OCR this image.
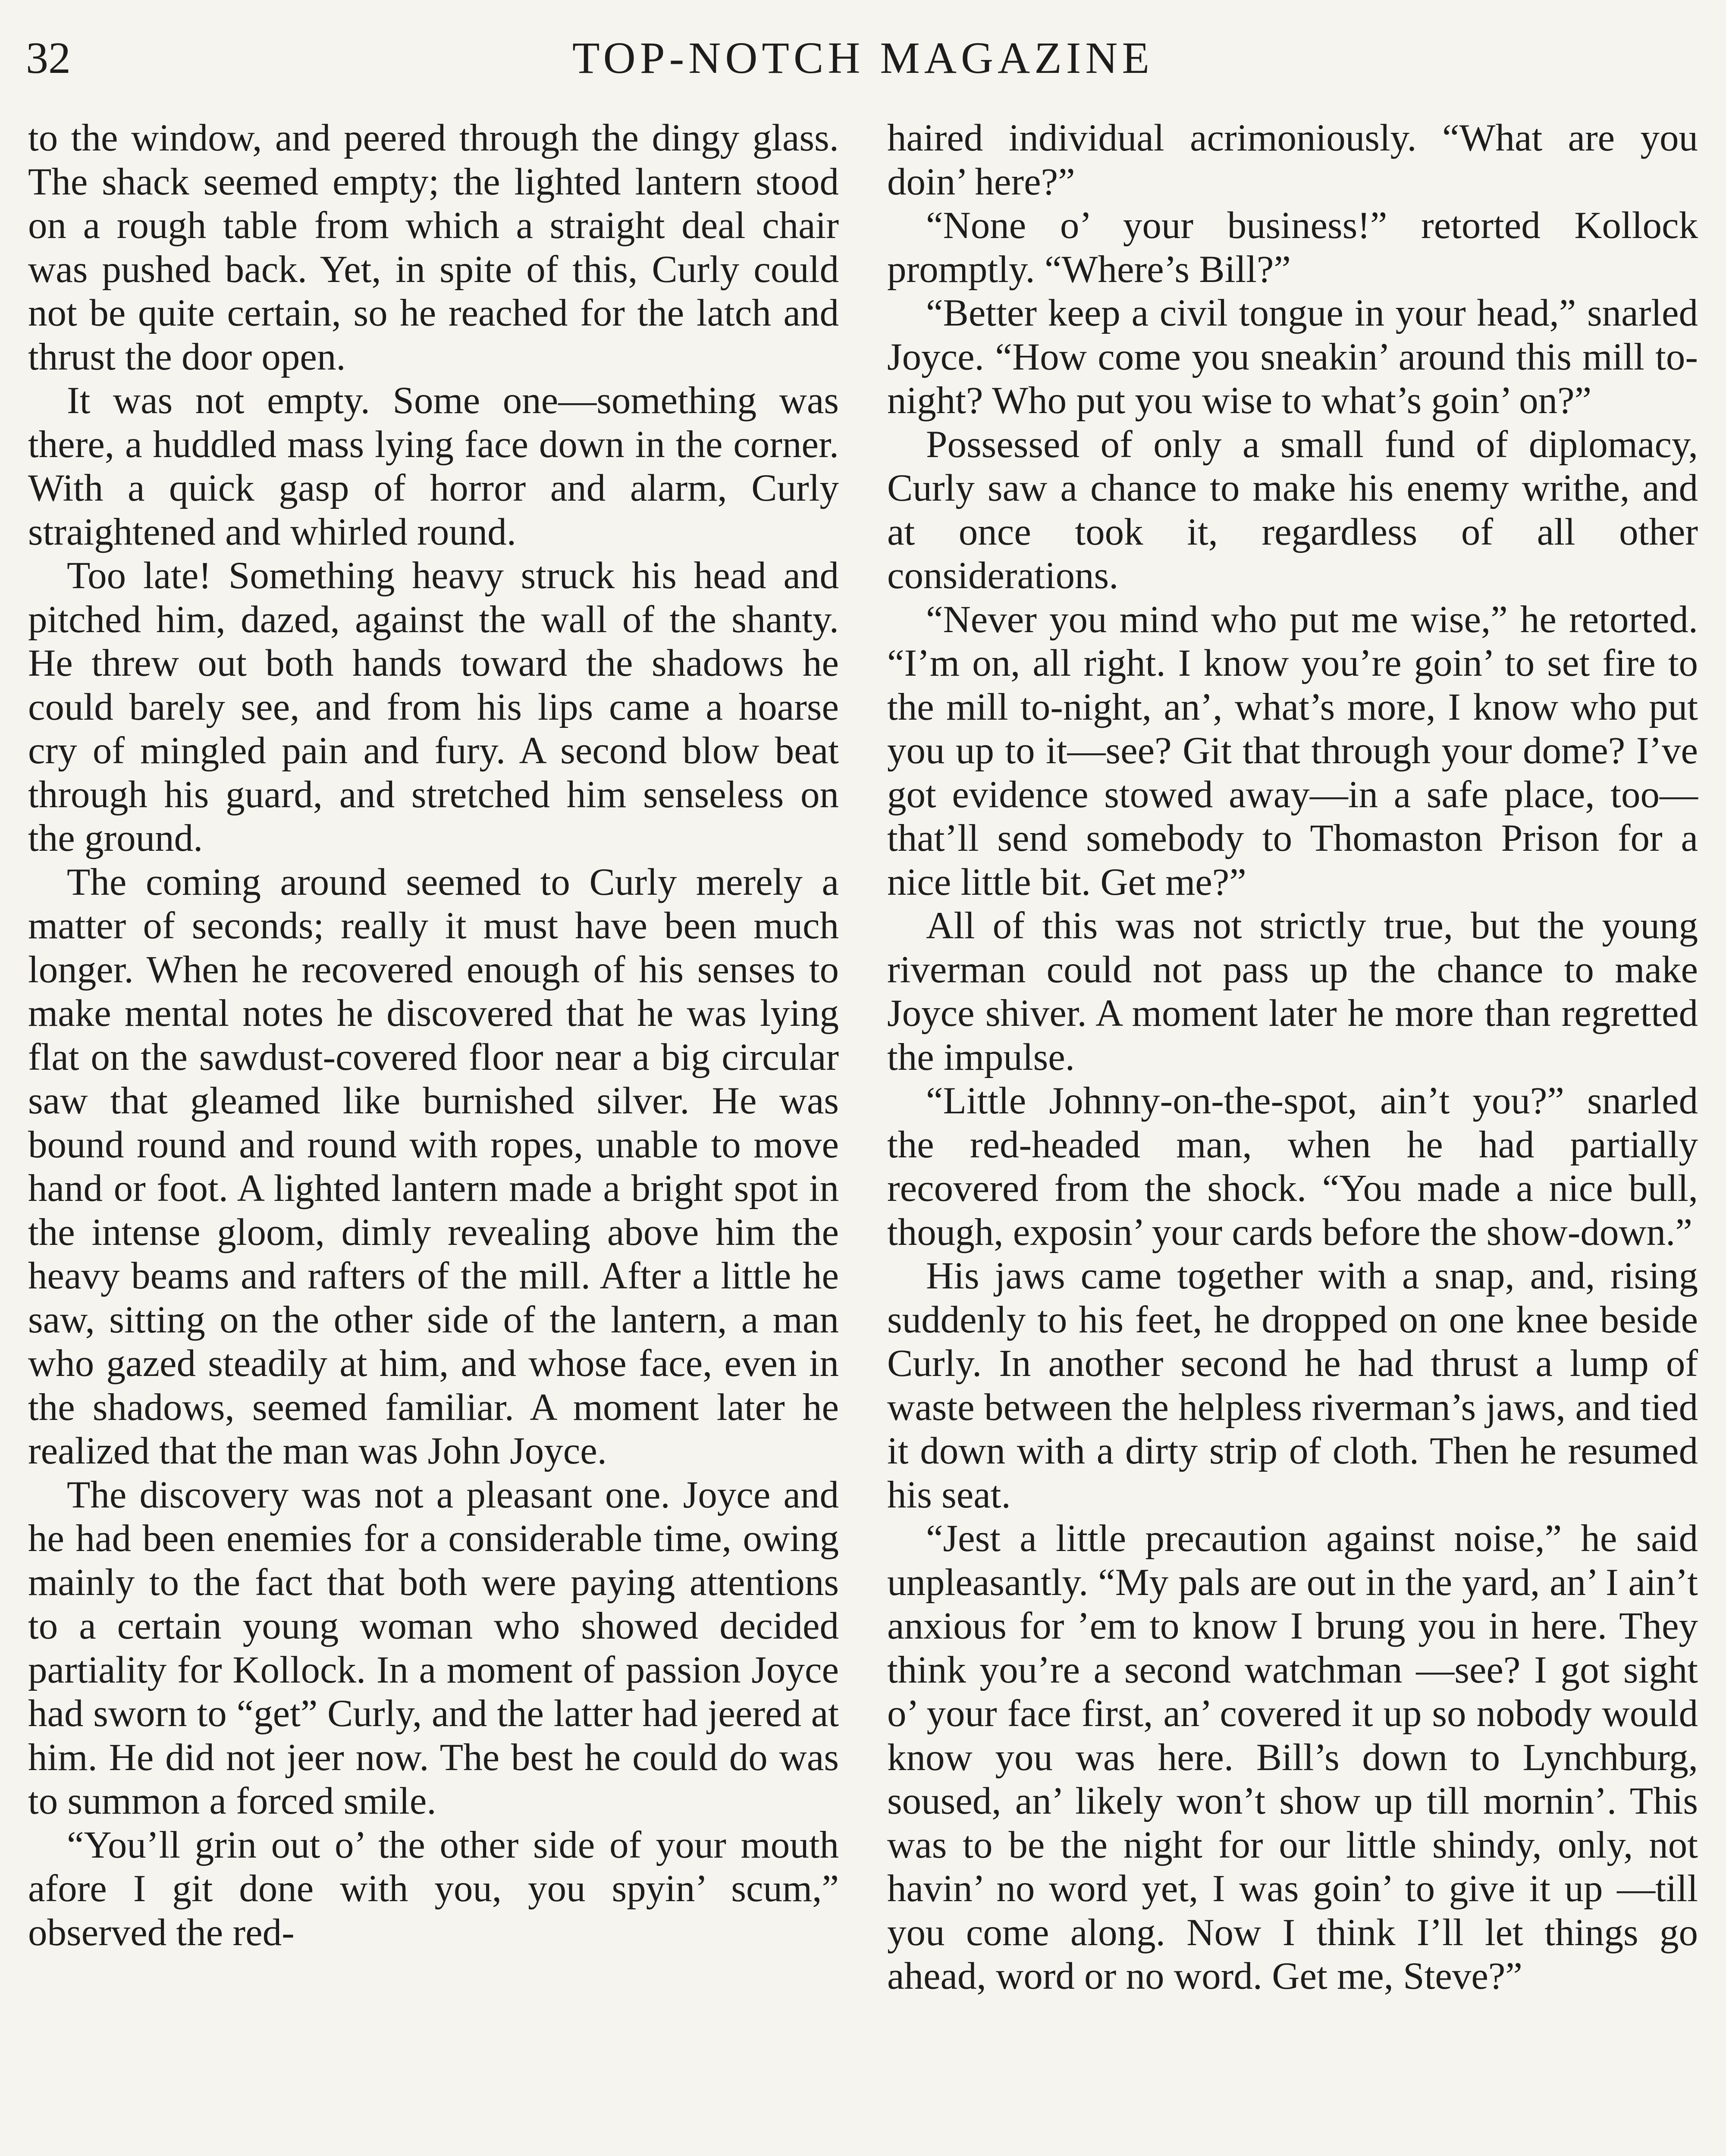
32	TOP-NOTCH MAGAZINE

to the window, and peered through the dingy glass. The shack seemed empty; the lighted lantern stood on a rough table from which a straight deal chair was pushed back. Yet, in spite of this, Curly could not be quite certain, so he reached for the latch and thrust the door open.

It was not empty. Some one—something was there, a huddled mass lying face down in the corner. With a quick gasp of horror and alarm, Curly straightened and whirled round.

Too late! Something heavy struck his head and pitched him, dazed, against the wall of the shanty. He threw out both hands toward the shadows he could barely see, and from his lips came a hoarse cry of mingled pain and fury. A second blow beat through his guard, and stretched him senseless on the ground.

The coming around seemed to Curly merely a matter of seconds; really it must have been much longer. When he recovered enough of his senses to make mental notes he discovered that he was lying flat on the sawdust-covered floor near a big circular saw that gleamed like burnished silver. He was bound round and round with ropes, unable to move hand or foot. A lighted lantern made a bright spot in the intense gloom, dimly revealing above him the heavy beams and rafters of the mill. After a little he saw, sitting on the other side of the lantern, a man who gazed steadily at him, and whose face, even in the shadows, seemed familiar. A moment later he realized that the man was John Joyce.

The discovery was not a pleasant one. Joyce and he had been enemies for a considerable time, owing mainly to the fact that both were paying attentions to a certain young woman who showed decided partiality for Kollock. In a moment of passion Joyce had sworn to “get” Curly, and the latter had jeered at him. He did not jeer now. The best he could do was to summon a forced smile.

“You’ll grin out o’ the other side of your mouth afore I git done with you, you spyin’ scum,” observed the red-

haired individual acrimoniously. “What are you doin’ here?”

“None o’ your business!” retorted Kollock promptly. “Where’s Bill?”

“Better keep a civil tongue in your head,” snarled Joyce. “How come you sneakin’ around this mill to-night? Who put you wise to what’s goin’ on?”

Possessed of only a small fund of diplomacy, Curly saw a chance to make his enemy writhe, and at once took it, regardless of all other considerations.

“Never you mind who put me wise,” he retorted. “I’m on, all right. I know you’re goin’ to set fire to the mill to-night, an’, what’s more, I know who put you up to it—see? Git that through your dome? I’ve got evidence stowed away—in a safe place, too—that’ll send somebody to Thomaston Prison for a nice little bit. Get me?”

All of this was not strictly true, but the young riverman could not pass up the chance to make Joyce shiver. A moment later he more than regretted the impulse.

“Little Johnny-on-the-spot, ain’t you?” snarled the red-headed man, when he had partially recovered from the shock. “You made a nice bull, though, exposin’ your cards before the show-down.”

His jaws came together with a snap, and, rising suddenly to his feet, he dropped on one knee beside Curly. In another second he had thrust a lump of waste between the helpless riverman’s jaws, and tied it down with a dirty strip of cloth. Then he resumed his seat.

“Jest a little precaution against noise,” he said unpleasantly. “My pals are out in the yard, an’ I ain’t anxious for ’em to know I brung you in here. They think you’re a second watchman —see? I got sight o’ your face first, an’ covered it up so nobody would know you was here. Bill’s down to Lynchburg, soused, an’ likely won’t show up till mornin’. This was to be the night for our little shindy, only, not havin’ no word yet, I was goin’ to give it up —till you come along. Now I think I’ll let things go ahead, word or no word. Get me, Steve?”
